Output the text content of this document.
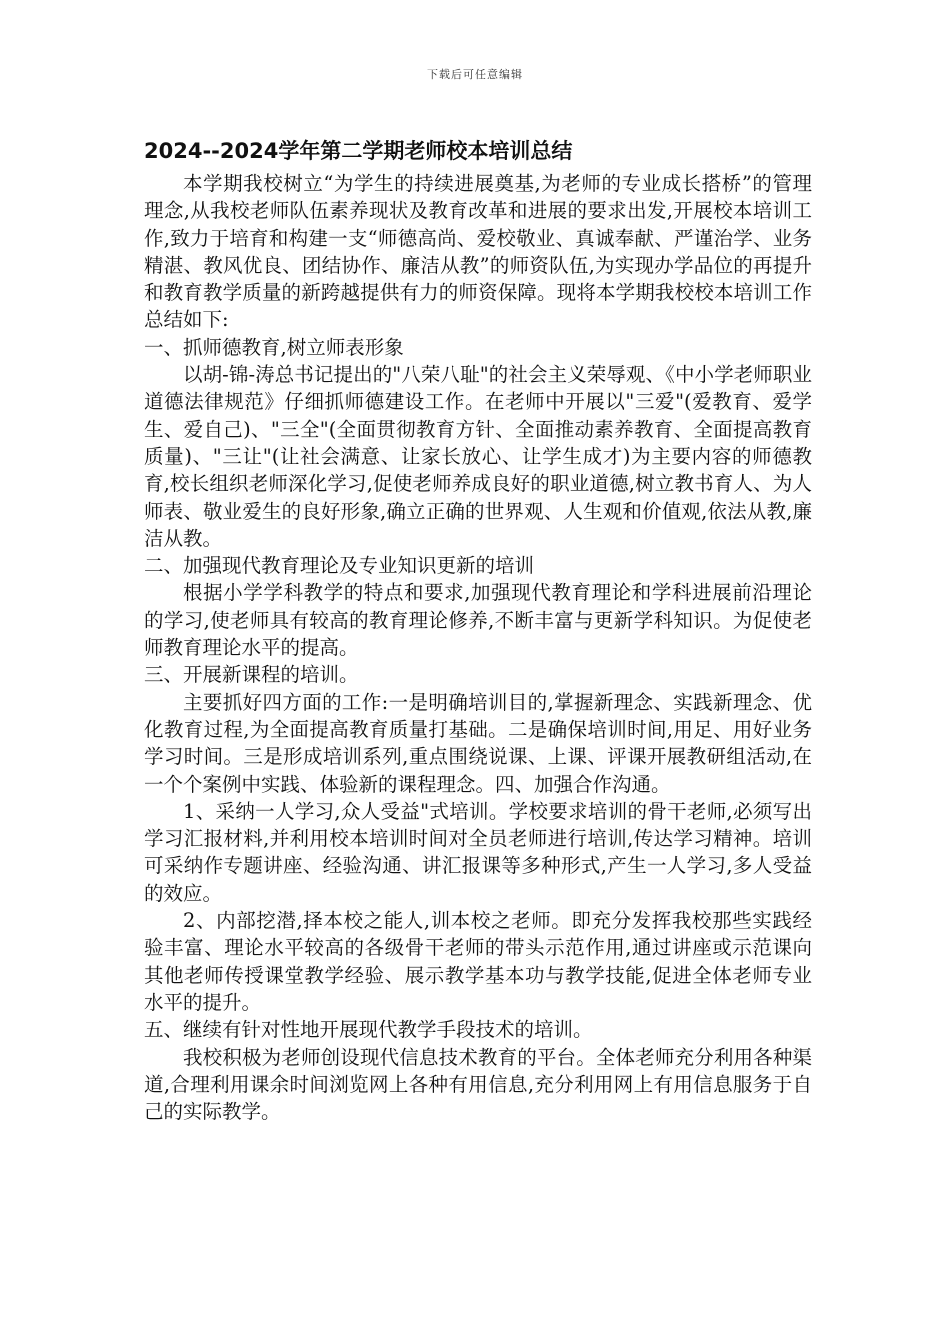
下载后可任意编辑
2024--2024学年第二学期老师校本培训总结

本学期我校树立“为学生的持续进展奠基,为老师的专业成长搭桥”的管理理念,从我校老师队伍素养现状及教育改革和进展的要求出发,开展校本培训工作,致力于培育和构建一支“师德高尚、爱校敬业、真诚奉献、严谨治学、业务精湛、教风优良、团结协作、廉洁从教”的师资队伍,为实现办学品位的再提升和教育教学质量的新跨越提供有力的师资保障。现将本学期我校校本培训工作总结如下:

一、抓师德教育,树立师表形象

以胡-锦-涛总书记提出的"八荣八耻"的社会主义荣辱观、《中小学老师职业道德法律规范》仔细抓师德建设工作。在老师中开展以"三爱"(爱教育、爱学生、爱自己)、"三全"(全面贯彻教育方针、全面推动素养教育、全面提高教育质量)、"三让"(让社会满意、让家长放心、让学生成才)为主要内容的师德教育,校长组织老师深化学习,促使老师养成良好的职业道德,树立教书育人、为人师表、敬业爱生的良好形象,确立正确的世界观、人生观和价值观,依法从教,廉洁从教。

二、加强现代教育理论及专业知识更新的培训

根据小学学科教学的特点和要求,加强现代教育理论和学科进展前沿理论的学习,使老师具有较高的教育理论修养,不断丰富与更新学科知识。为促使老师教育理论水平的提高。

三、开展新课程的培训。

主要抓好四方面的工作:一是明确培训目的,掌握新理念、实践新理念、优化教育过程,为全面提高教育质量打基础。二是确保培训时间,用足、用好业务学习时间。三是形成培训系列,重点围绕说课、上课、评课开展教研组活动,在一个个案例中实践、体验新的课程理念。四、加强合作沟通。

1、采纳一人学习,众人受益"式培训。学校要求培训的骨干老师,必须写出学习汇报材料,并利用校本培训时间对全员老师进行培训,传达学习精神。培训可采纳作专题讲座、经验沟通、讲汇报课等多种形式,产生一人学习,多人受益的效应。

2、内部挖潜,择本校之能人,训本校之老师。即充分发挥我校那些实践经验丰富、理论水平较高的各级骨干老师的带头示范作用,通过讲座或示范课向其他老师传授课堂教学经验、展示教学基本功与教学技能,促进全体老师专业水平的提升。

五、继续有针对性地开展现代教学手段技术的培训。

我校积极为老师创设现代信息技术教育的平台。全体老师充分利用各种渠道,合理利用课余时间浏览网上各种有用信息,充分利用网上有用信息服务于自己的实际教学。
